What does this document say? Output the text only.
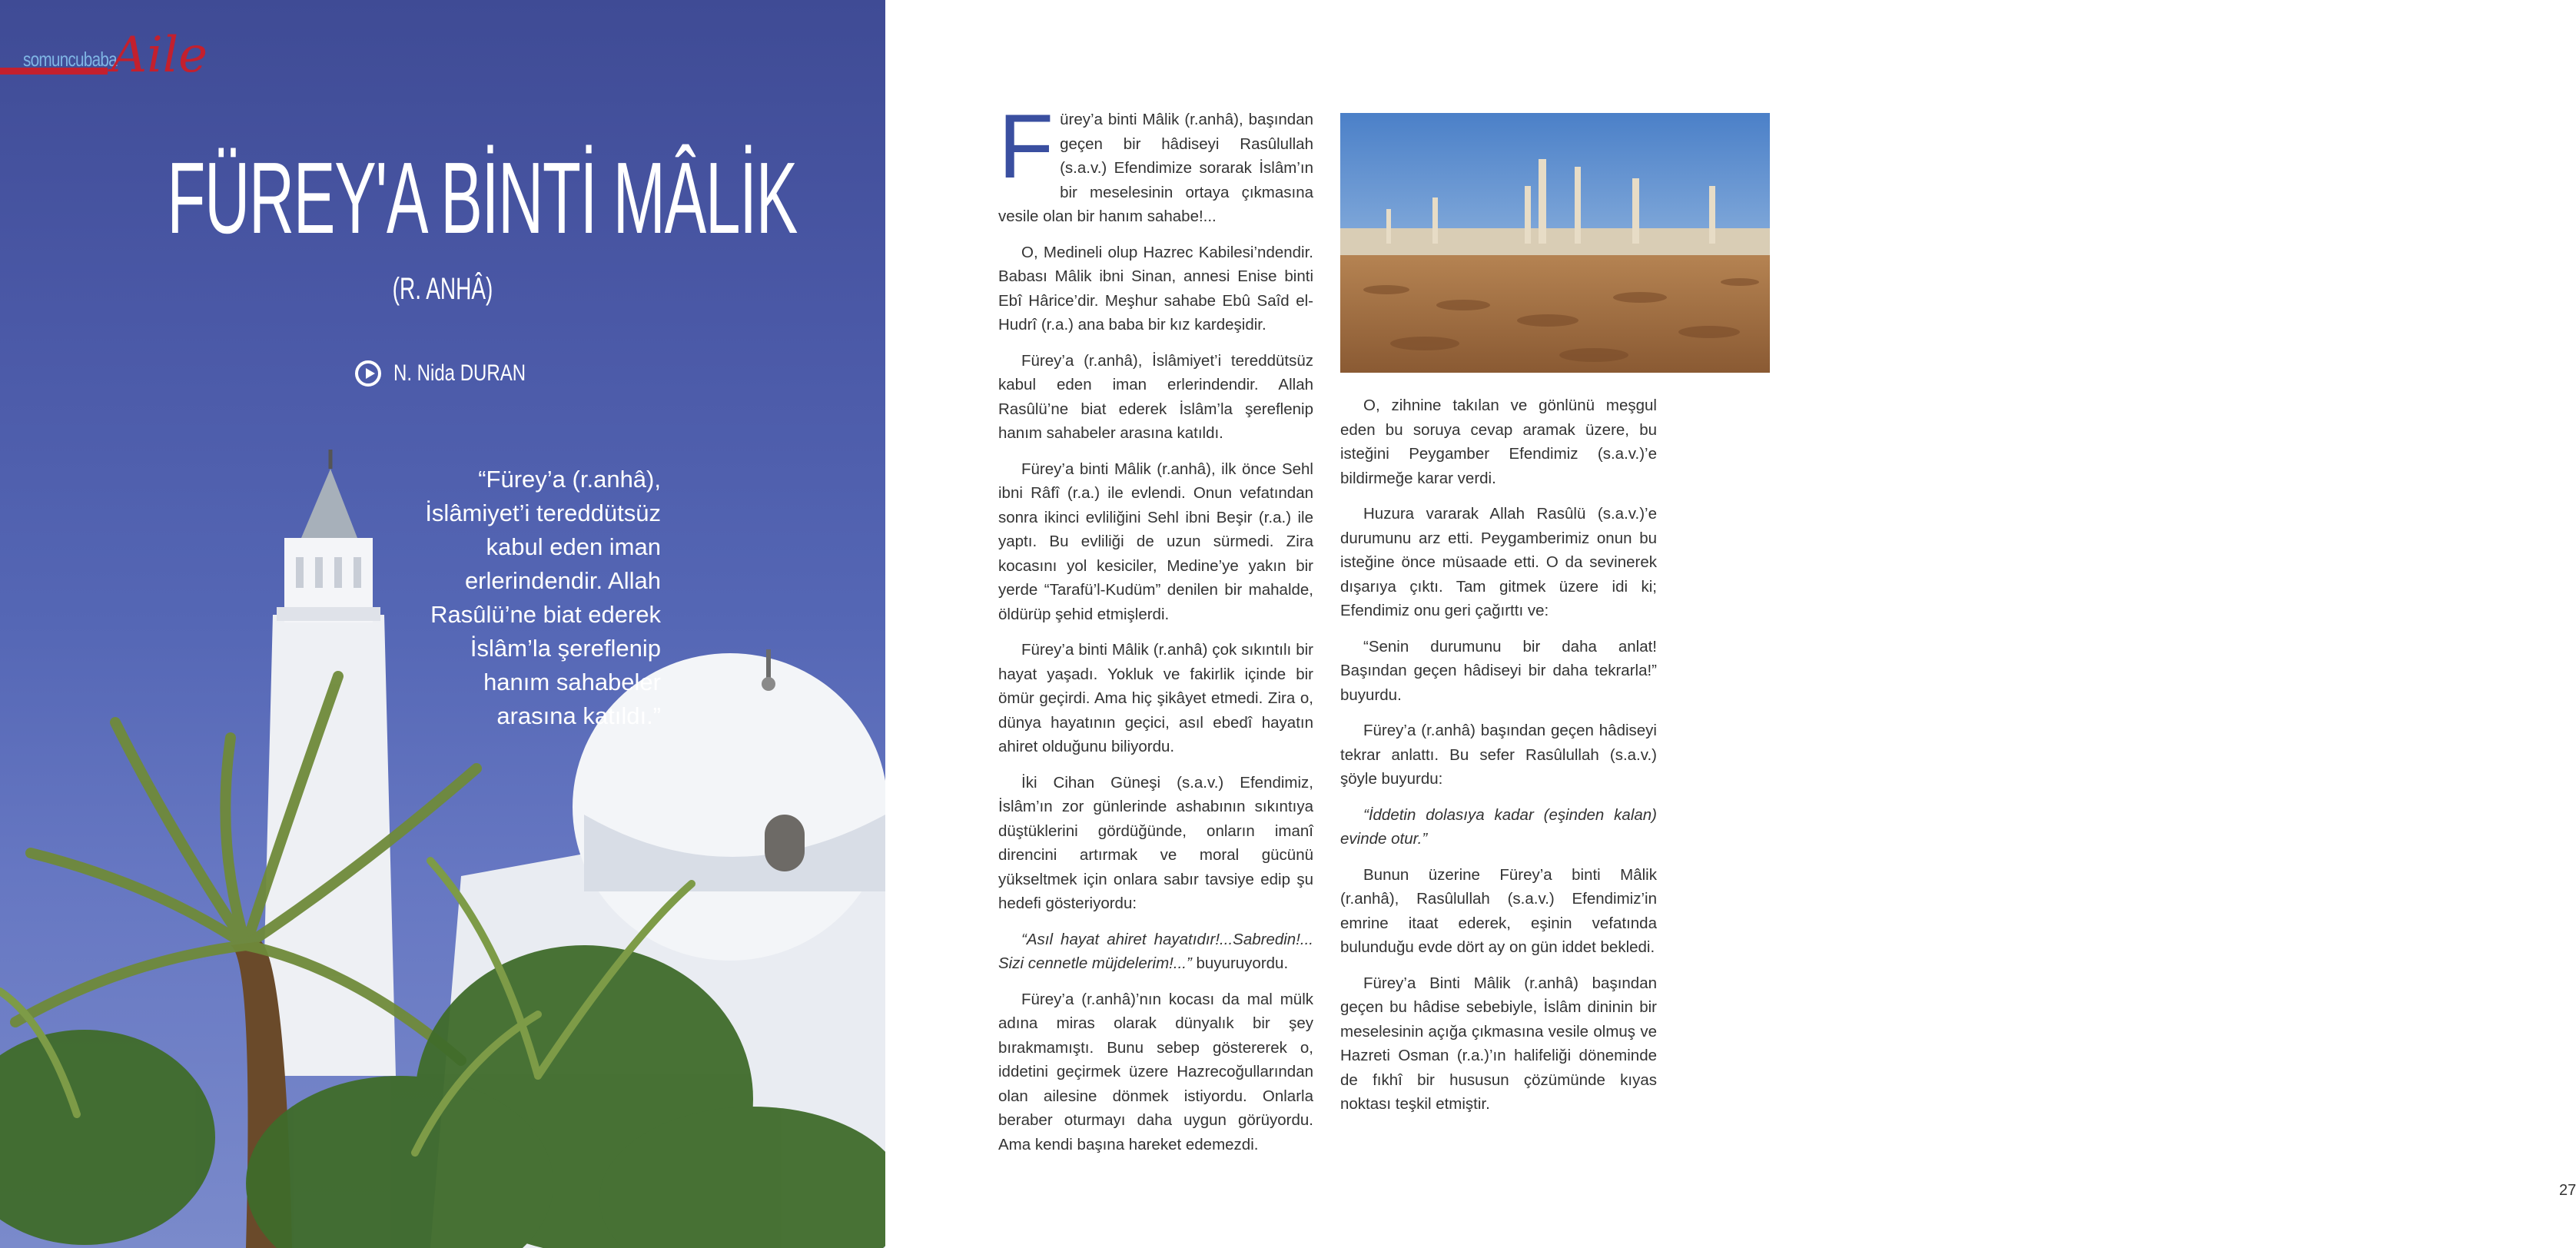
somuncubaba
Aile
FÜREY'A BİNTİ MÂLİK
(R. ANHÂ)
N. Nida DURAN
“Fürey’a (r.anhâ), İslâmiyet’i tereddütsüz kabul eden iman erlerindendir. Allah Rasûlü’ne biat ederek İslâm’la şereflenip hanım sahabeler arasına katıldı.”

Fürey’a binti Mâlik (r.anhâ), başından geçen bir hâdiseyi Rasûlullah (s.a.v.) Efendimize sorarak İslâm’ın bir meselesinin ortaya çıkmasına vesile olan bir hanım sahabe!...

O, Medineli olup Hazrec Kabilesi’ndendir. Babası Mâlik ibni Sinan, annesi Enise binti Ebî Hârice’dir. Meşhur sahabe Ebû Saîd el-Hudrî (r.a.) ana baba bir kız kardeşidir.

Fürey’a (r.anhâ), İslâmiyet’i tereddütsüz kabul eden iman erlerindendir. Allah Rasûlü’ne biat ederek İslâm’la şereflenip hanım sahabeler arasına katıldı.

Fürey’a binti Mâlik (r.anhâ), ilk önce Sehl ibni Râfî (r.a.) ile evlendi. Onun vefatından sonra ikinci evliliğini Sehl ibni Beşir (r.a.) ile yaptı. Bu evliliği de uzun sürmedi. Zira kocasını yol kesiciler, Medine’ye yakın bir yerde “Tarafü’l-Kudüm” denilen bir mahalde, öldürüp şehid etmişlerdi.

Fürey’a binti Mâlik (r.anhâ) çok sıkıntılı bir hayat yaşadı. Yokluk ve fakirlik içinde bir ömür geçirdi. Ama hiç şikâyet etmedi. Zira o, dünya hayatının geçici, asıl ebedî hayatın ahiret olduğunu biliyordu.

İki Cihan Güneşi (s.a.v.) Efendimiz, İslâm’ın zor günlerinde ashabının sıkıntıya düştüklerini gördüğünde, onların imanî direncini artırmak ve moral gücünü yükseltmek için onlara sabır tavsiye edip şu hedefi gösteriyordu:

“Asıl hayat ahiret hayatıdır!...Sabredin!... Sizi cennetle müjdelerim!...” buyuruyordu.

Fürey’a (r.anhâ)’nın kocası da mal mülk adına miras olarak dünyalık bir şey bırakmamıştı. Bunu sebep göstererek o, iddetini geçirmek üzere Hazrecoğullarından olan ailesine dönmek istiyordu. Onlarla beraber oturmayı daha uygun görüyordu. Ama kendi başına hareket edemezdi.

O, zihnine takılan ve gönlünü meşgul eden bu soruya cevap aramak üzere, bu isteğini Peygamber Efendimiz (s.a.v.)’e bildirmeğe karar verdi.

Huzura vararak Allah Rasûlü (s.a.v.)’e durumunu arz etti. Peygamberimiz onun bu isteğine önce müsaade etti. O da sevinerek dışarıya çıktı. Tam gitmek üzere idi ki; Efendimiz onu geri çağırttı ve:

“Senin durumunu bir daha anlat! Başından geçen hâdiseyi bir daha tekrarla!” buyurdu.

Fürey’a (r.anhâ) başından geçen hâdiseyi tekrar anlattı. Bu sefer Rasûlullah (s.a.v.) şöyle buyurdu:

“İddetin dolasıya kadar (eşinden kalan) evinde otur.”

Bunun üzerine Fürey’a binti Mâlik (r.anhâ), Rasûlullah (s.a.v.) Efendimiz’in emrine itaat ederek, eşinin vefatında bulunduğu evde dört ay on gün iddet bekledi.

Fürey’a Binti Mâlik (r.anhâ) başından geçen bu hâdise sebebiyle, İslâm dininin bir meselesinin açığa çıkmasına vesile olmuş ve Hazreti Osman (r.a.)’ın halifeliği döneminde de fıkhî bir hususun çözümünde kıyas noktası teşkil etmiştir.

27
